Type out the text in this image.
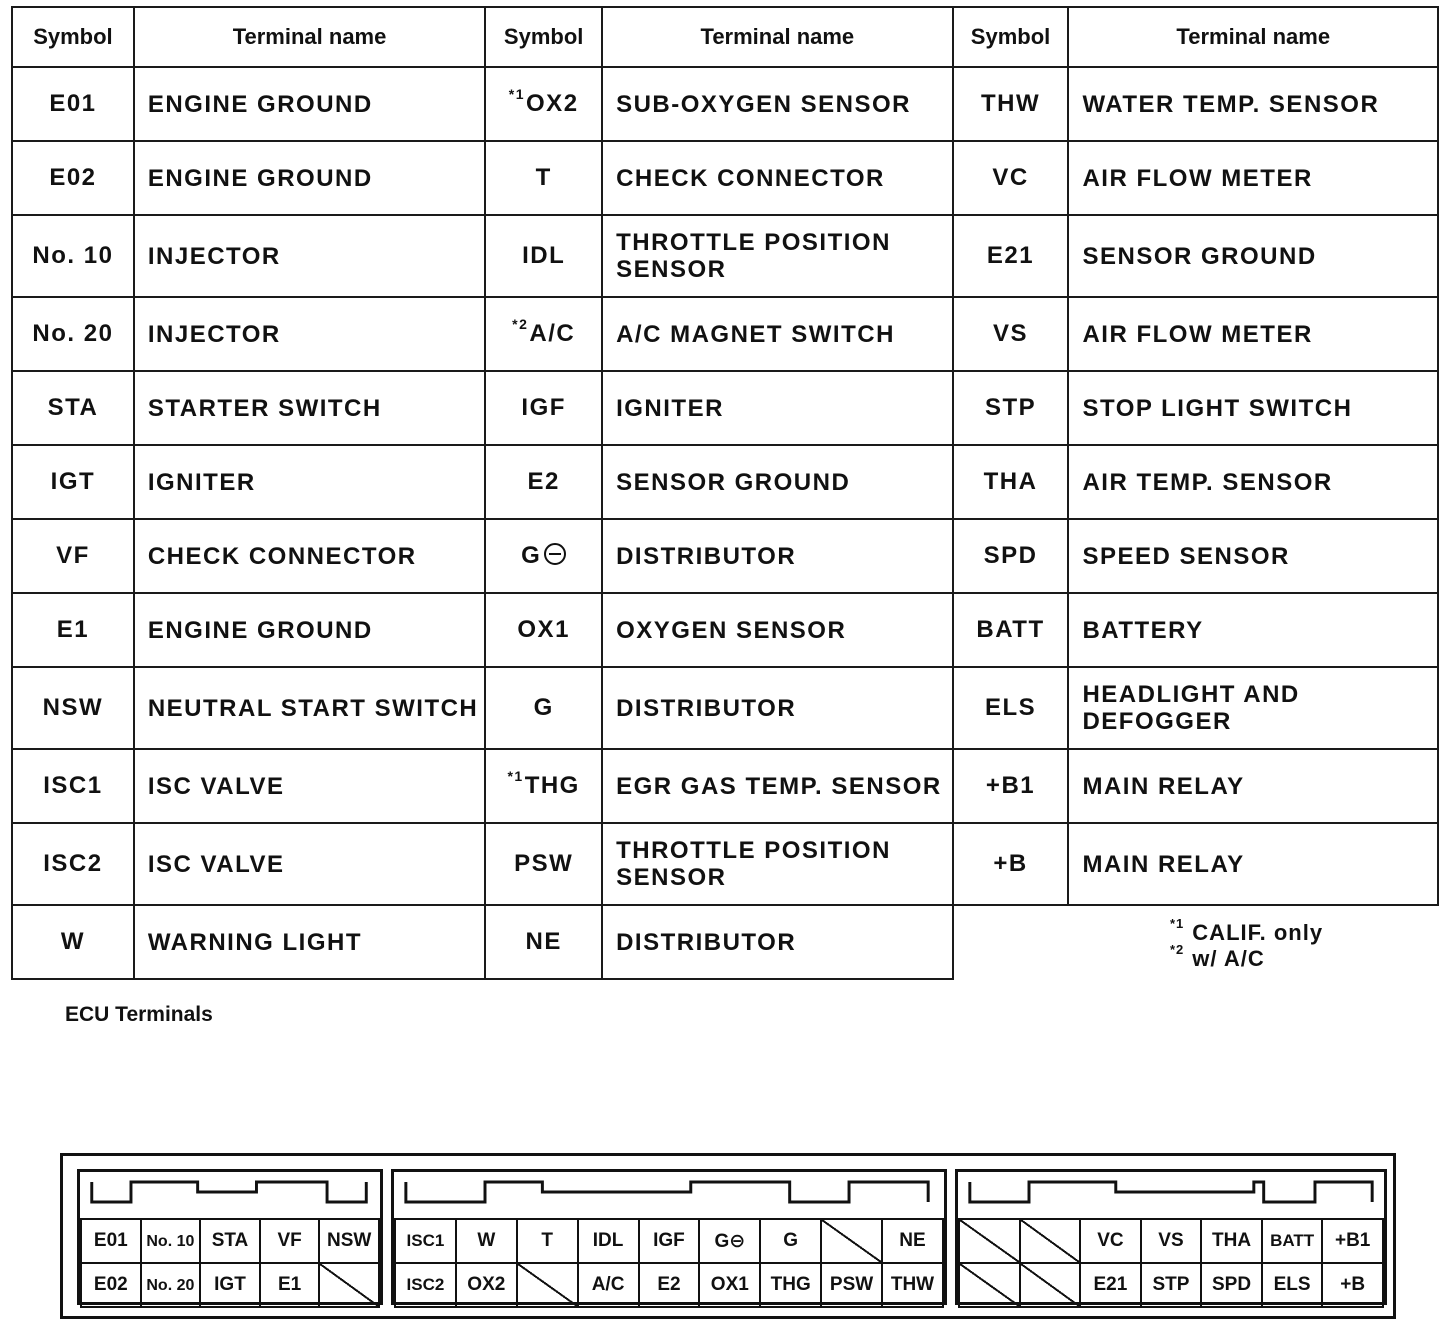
Symbol	Terminal name	Symbol	Terminal name	Symbol	Terminal name
E01	ENGINE GROUND	$^{*1}$OX2	SUB-OXYGEN SENSOR	THW	WATER TEMP. SENSOR
E02	ENGINE GROUND	T	CHECK CONNECTOR	VC	AIR FLOW METER
No. 10	INJECTOR	IDL	THROTTLE POSITION SENSOR	E21	SENSOR GROUND
No. 20	INJECTOR	$^{*2}$A/C	A/C MAGNET SWITCH	VS	AIR FLOW METER
STA	STARTER SWITCH	IGF	IGNITER	STP	STOP LIGHT SWITCH
IGT	IGNITER	E2	SENSOR GROUND	THA	AIR TEMP. SENSOR
VF	CHECK CONNECTOR	G	DISTRIBUTOR	SPD	SPEED SENSOR
E1	ENGINE GROUND	OX1	OXYGEN SENSOR	BATT	BATTERY
NSW	NEUTRAL START SWITCH	G	DISTRIBUTOR	ELS	HEADLIGHT AND DEFOGGER
ISC1	ISC VALVE	$^{*1}$THG	EGR GAS TEMP. SENSOR	+B1	MAIN RELAY
ISC2	ISC VALVE	PSW	THROTTLE POSITION SENSOR	+B	MAIN RELAY
W	WARNING LIGHT	NE	DISTRIBUTOR		
$^{*1}$ CALIF. only
$^{*2}$ w/ A/C
ECU Terminals
E01	No. 10	STA	VF	NSW
E02	No. 20	IGT	E1	
ISC1	W	T	IDL	IGF	G⊖	G		NE
ISC2	OX2		A/C	E2	OX1	THG	PSW	THW
		VC	VS	THA	BATT	+B1
		E21	STP	SPD	ELS	+B
